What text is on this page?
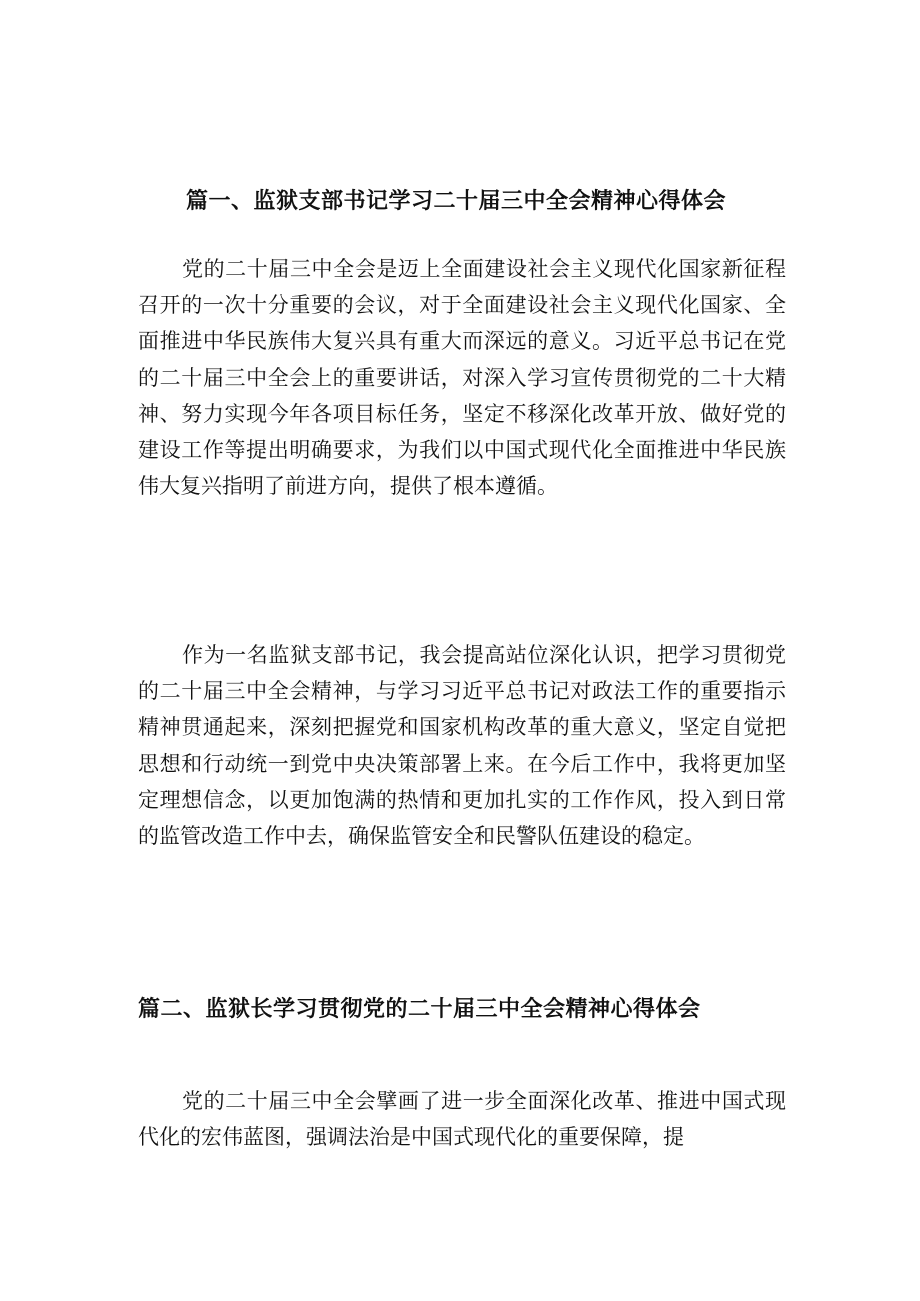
篇一、监狱支部书记学习二十届三中全会精神心得体会

党的二十届三中全会是迈上全面建设社会主义现代化国家新征程召开的一次十分重要的会议，对于全面建设社会主义现代化国家、全面推进中华民族伟大复兴具有重大而深远的意义。习近平总书记在党的二十届三中全会上的重要讲话，对深入学习宣传贯彻党的二十大精神、努力实现今年各项目标任务，坚定不移深化改革开放、做好党的建设工作等提出明确要求，为我们以中国式现代化全面推进中华民族伟大复兴指明了前进方向，提供了根本遵循。

作为一名监狱支部书记，我会提高站位深化认识，把学习贯彻党的二十届三中全会精神，与学习习近平总书记对政法工作的重要指示精神贯通起来，深刻把握党和国家机构改革的重大意义，坚定自觉把思想和行动统一到党中央决策部署上来。在今后工作中，我将更加坚定理想信念，以更加饱满的热情和更加扎实的工作作风，投入到日常的监管改造工作中去，确保监管安全和民警队伍建设的稳定。

篇二、监狱长学习贯彻党的二十届三中全会精神心得体会

党的二十届三中全会擘画了进一步全面深化改革、推进中国式现代化的宏伟蓝图，强调法治是中国式现代化的重要保障，提
